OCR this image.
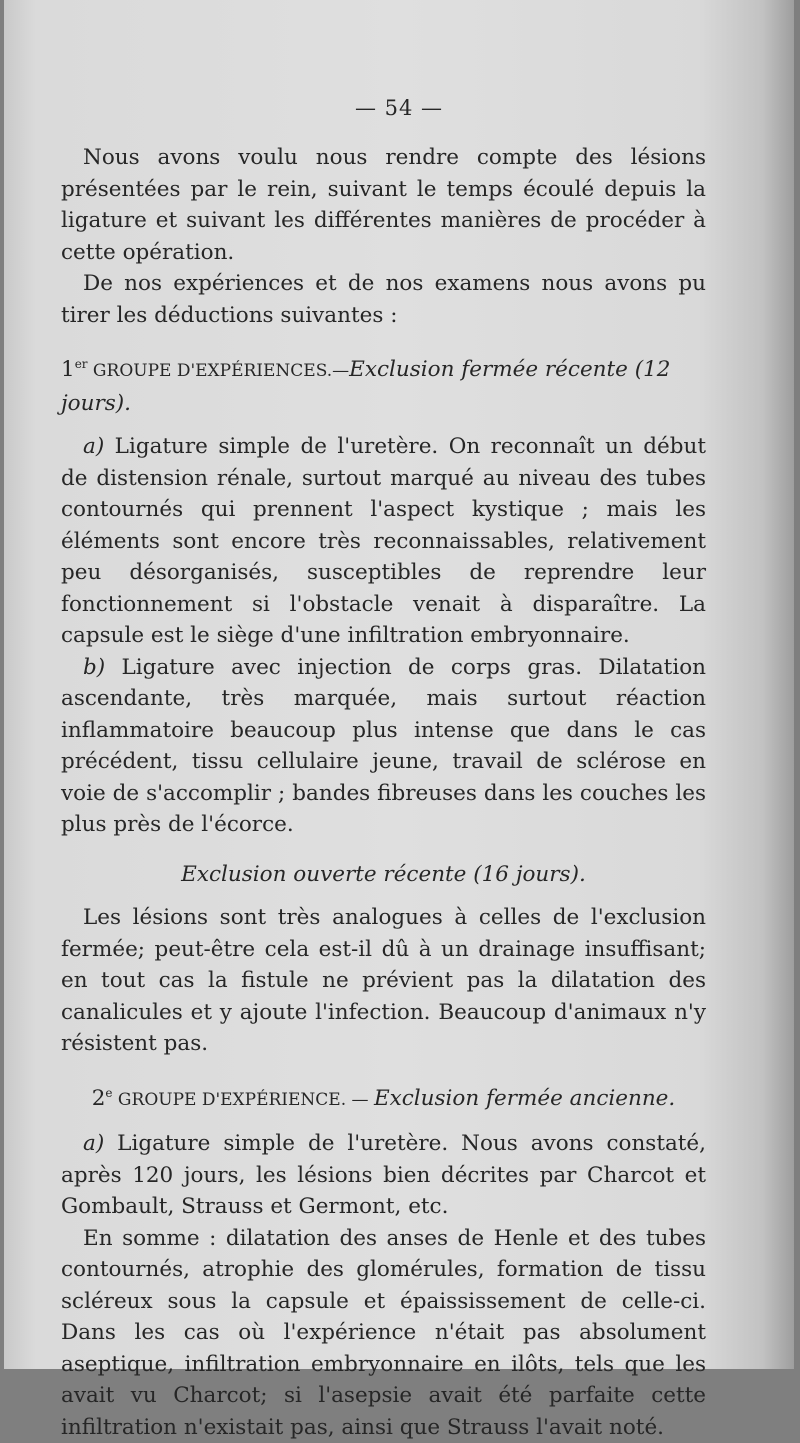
— 54 —

Nous avons voulu nous rendre compte des lésions présentées par le rein, suivant le temps écoulé depuis la ligature et suivant les différentes manières de procéder à cette opération.

De nos expériences et de nos examens nous avons pu tirer les déductions suivantes :

1er GROUPE D'EXPÉRIENCES.—Exclusion fermée récente (12 jours).

a) Ligature simple de l'uretère. On reconnaît un début de distension rénale, surtout marqué au niveau des tubes contournés qui prennent l'aspect kystique ; mais les éléments sont encore très reconnaissables, relativement peu désorganisés, susceptibles de reprendre leur fonctionnement si l'obstacle venait à disparaître. La capsule est le siège d'une infiltration embryonnaire.

b) Ligature avec injection de corps gras. Dilatation ascendante, très marquée, mais surtout réaction inflammatoire beaucoup plus intense que dans le cas précédent, tissu cellulaire jeune, travail de sclérose en voie de s'accomplir ; bandes fibreuses dans les couches les plus près de l'écorce.

Exclusion ouverte récente (16 jours).

Les lésions sont très analogues à celles de l'exclusion fermée; peut-être cela est-il dû à un drainage insuffisant; en tout cas la fistule ne prévient pas la dilatation des canalicules et y ajoute l'infection. Beaucoup d'animaux n'y résistent pas.

2e GROUPE D'EXPÉRIENCE. — Exclusion fermée ancienne.

a) Ligature simple de l'uretère. Nous avons constaté, après 120 jours, les lésions bien décrites par Charcot et Gombault, Strauss et Germont, etc.

En somme : dilatation des anses de Henle et des tubes contournés, atrophie des glomérules, formation de tissu scléreux sous la capsule et épaississement de celle-ci. Dans les cas où l'expérience n'était pas absolument aseptique, infiltration embryonnaire en ilôts, tels que les avait vu Charcot; si l'asepsie avait été parfaite cette infiltration n'existait pas, ainsi que Strauss l'avait noté.
